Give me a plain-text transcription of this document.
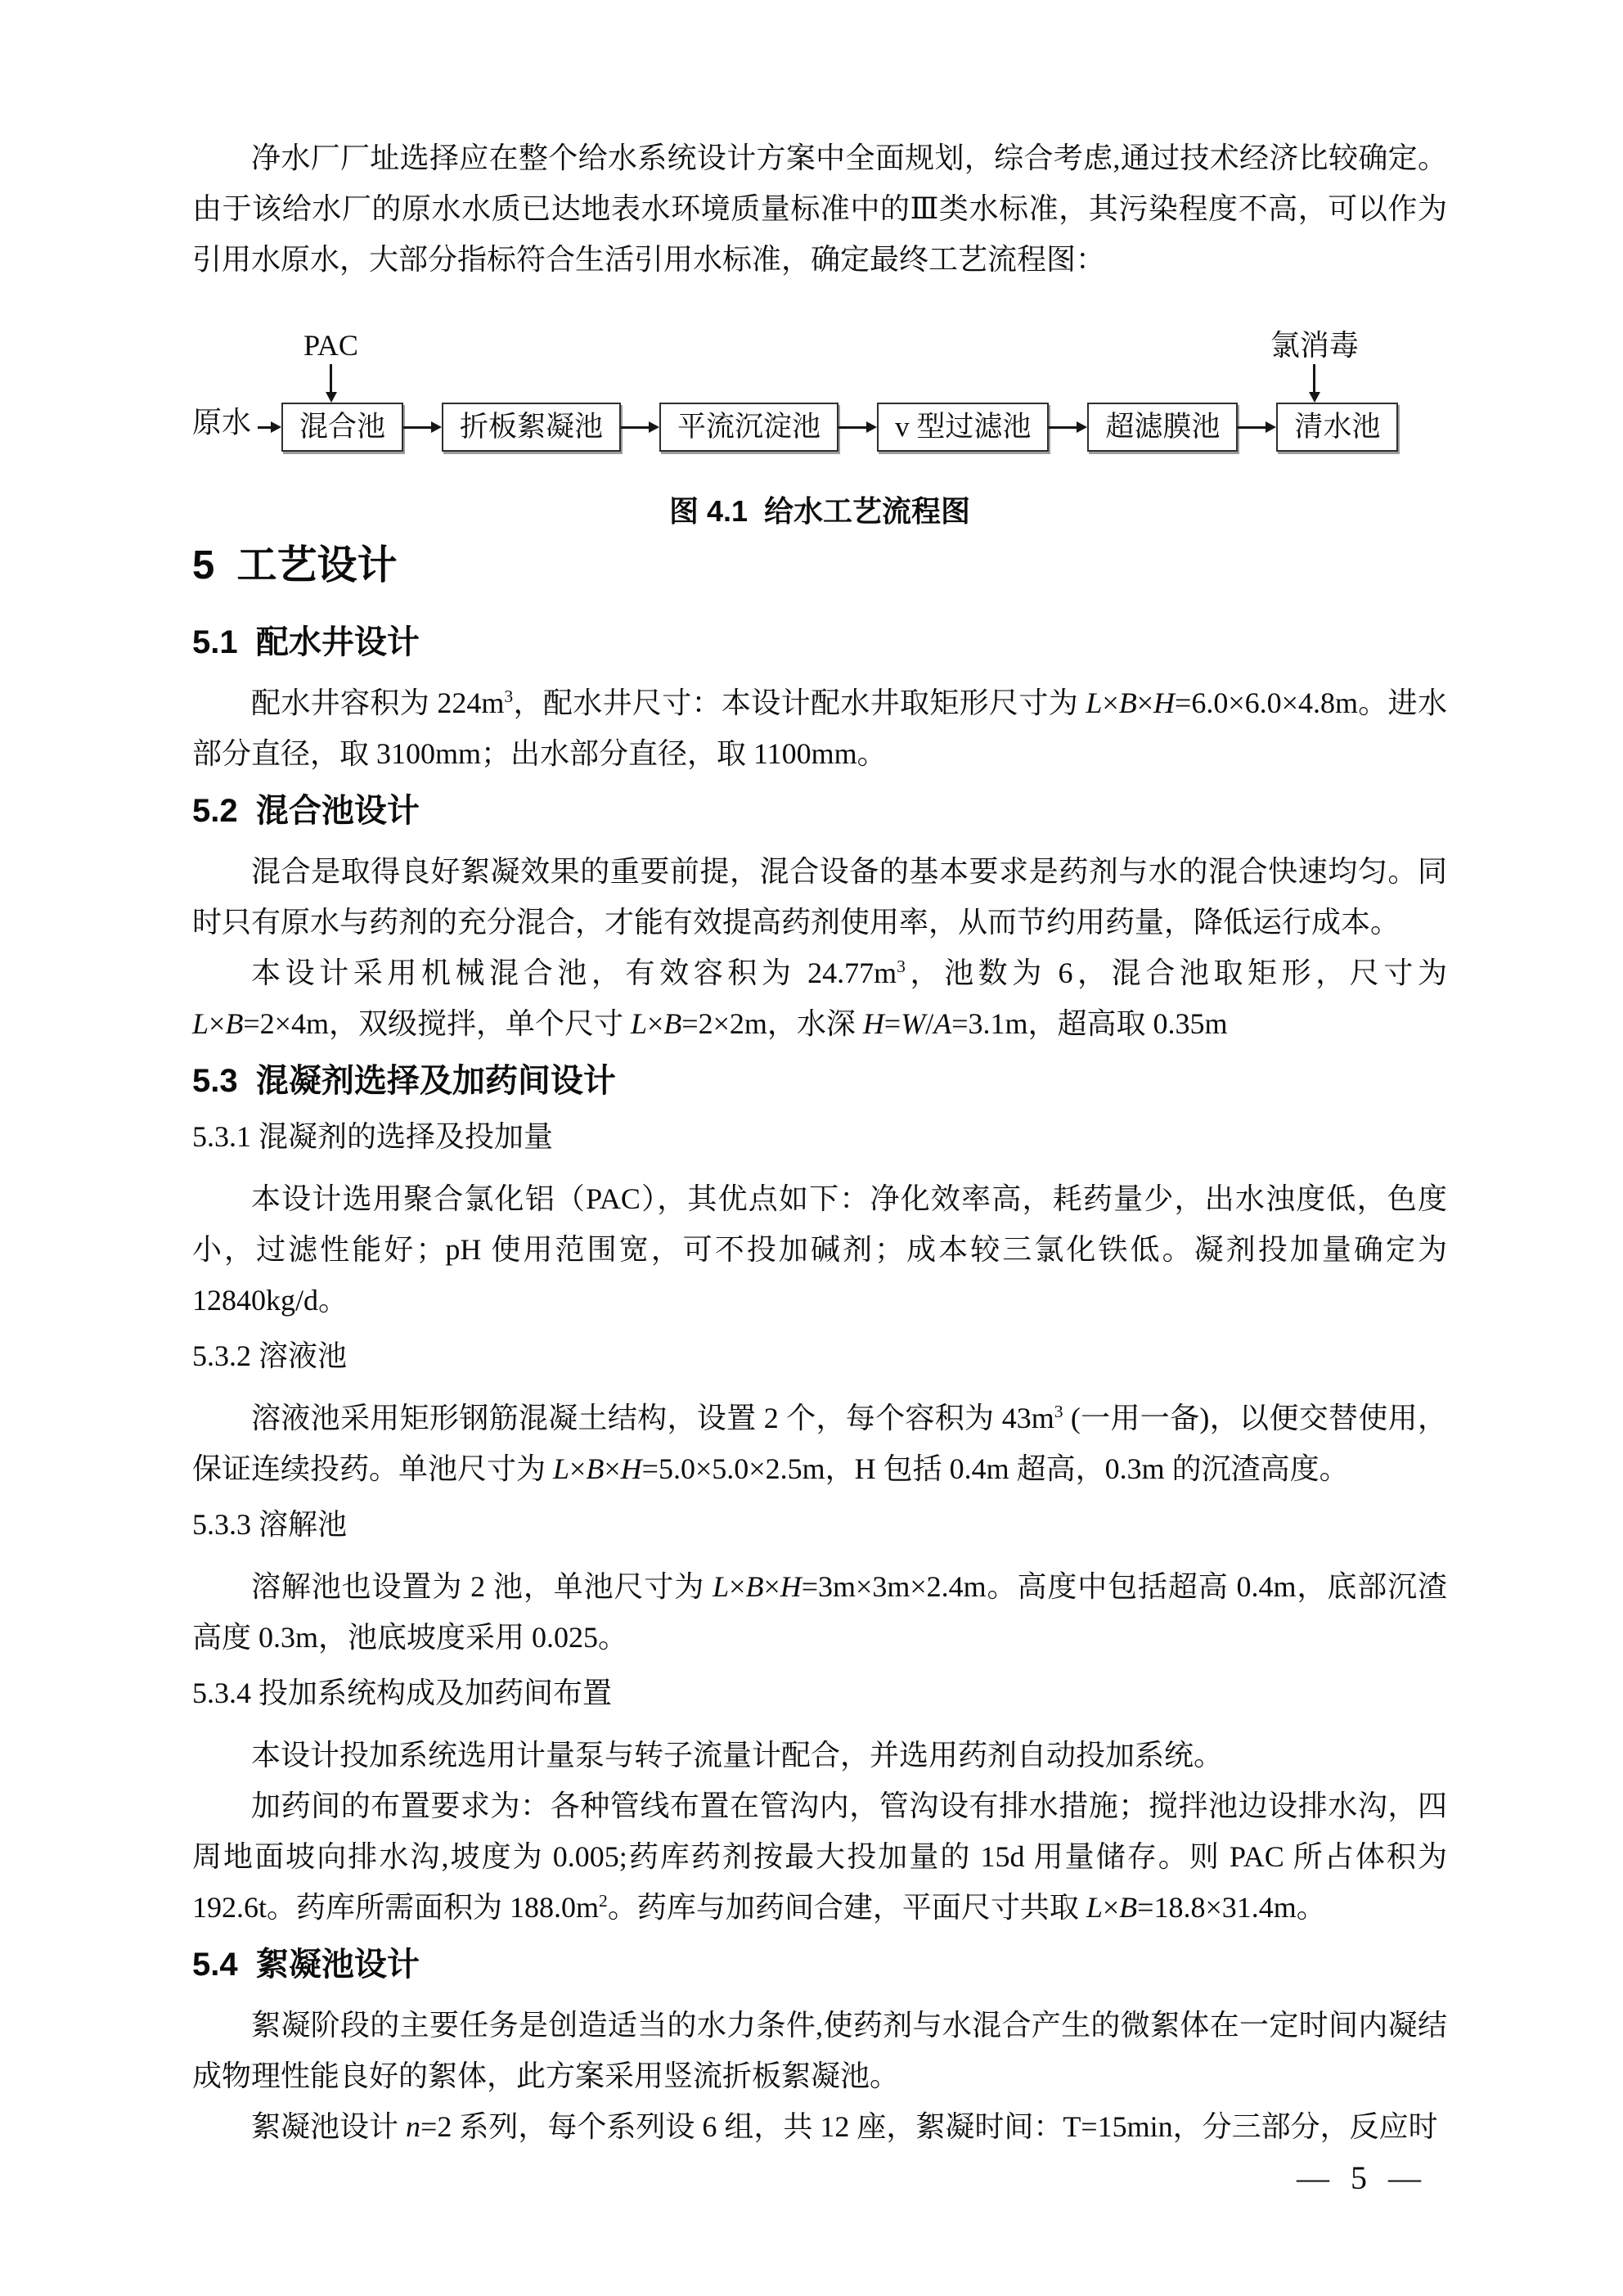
净水厂厂址选择应在整个给水系统设计方案中全面规划，综合考虑,通过技术经济比较确定。由于该给水厂的原水水质已达地表水环境质量标准中的Ⅲ类水标准，其污染程度不高，可以作为引用水原水，大部分指标符合生活引用水标准，确定最终工艺流程图：

原水
PAC
混合池	折板絮凝池	平流沉淀池	v 型过滤池	超滤膜池
氯消毒
清水池
图 4.1  给水工艺流程图
5  工艺设计
5.1  配水井设计

配水井容积为 $224m^3$，配水井尺寸：本设计配水井取矩形尺寸为 L×B×H=6.0×6.0×4.8m。进水部分直径，取 3100mm；出水部分直径，取 1100mm。

5.2  混合池设计

混合是取得良好絮凝效果的重要前提，混合设备的基本要求是药剂与水的混合快速均匀。同时只有原水与药剂的充分混合，才能有效提高药剂使用率，从而节约用药量，降低运行成本。

本设计采用机械混合池，有效容积为 $24.77m^3$，池数为 6，混合池取矩形，尺寸为 L×B=2×4m，双级搅拌，单个尺寸 L×B=2×2m，水深 H=W/A=3.1m，超高取 0.35m

5.3  混凝剂选择及加药间设计
5.3.1 混凝剂的选择及投加量

本设计选用聚合氯化铝（PAC），其优点如下：净化效率高，耗药量少，出水浊度低，色度小，过滤性能好；pH 使用范围宽，可不投加碱剂；成本较三氯化铁低。凝剂投加量确定为 12840kg/d。

5.3.2 溶液池

溶液池采用矩形钢筋混凝土结构，设置 2 个，每个容积为 $43m^3$ (一用一备)，以便交替使用，保证连续投药。单池尺寸为 L×B×H=5.0×5.0×2.5m，H 包括 0.4m 超高，0.3m 的沉渣高度。

5.3.3 溶解池

溶解池也设置为 2 池，单池尺寸为 L×B×H=3m×3m×2.4m。高度中包括超高 0.4m，底部沉渣高度 0.3m，池底坡度采用 0.025。

5.3.4 投加系统构成及加药间布置

本设计投加系统选用计量泵与转子流量计配合，并选用药剂自动投加系统。

加药间的布置要求为：各种管线布置在管沟内，管沟设有排水措施；搅拌池边设排水沟，四周地面坡向排水沟,坡度为 0.005;药库药剂按最大投加量的 15d 用量储存。则 PAC 所占体积为 192.6t。药库所需面积为 $188.0m^2$。药库与加药间合建，平面尺寸共取 L×B=18.8×31.4m。

5.4  絮凝池设计

絮凝阶段的主要任务是创造适当的水力条件,使药剂与水混合产生的微絮体在一定时间内凝结成物理性能良好的絮体，此方案采用竖流折板絮凝池。

絮凝池设计 n=2 系列，每个系列设 6 组，共 12 座，絮凝时间：T=15min，分三部分，反应时

— 5 —
